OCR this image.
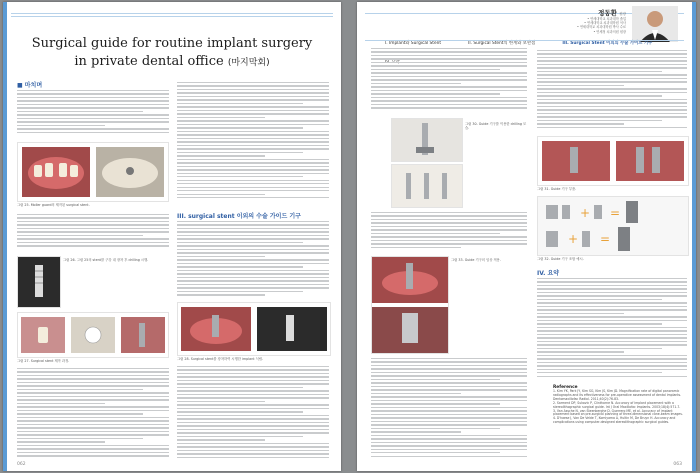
Surgical guide for routine implant surgery
in private dental office (마지막회)
■ 마치며
그림 25. Moller guard의 제작된 surgical stent.
그림 26. 그림 25의 stent를 구강 내 장착 후 drilling 시행.
그림 27. Surgical stent 제작 과정.
III. surgical stent 이외의 수술 가이드 기구
그림 28. Surgical stent를 장착하여 시행한 implant 식립.
062
정동환 원장
• 연세대학교 치과대학 졸업
• 연세대학교 치과대학원 석사
• 연세대학교 치과대학원 박사 수료
• 연세정 치과의원 원장
I. Implant와 Surgical Stent	II. Surgical Stent의 한계와 보완점	III. Surgical Stent 이외의 수술 가이드 기구
그림 30. Guide 기구를 이용한 drilling 모습.
그림 33. Guide 기구의 임상 적용.
그림 31. Guide 기구 부품.
+ =
+ =
그림 32. Guide 기구 조합 예시.
IV. 요약
Reference
1. Kim YK, Park JY, Kim SG, Kim JS, Kim JD. Magnification rate of digital panoramic radiographs and its effectiveness for pre-operative assessment of dental implants. Dentomaxillofac Radiol. 2011;40(2):76-83.
2. Sarment DP, Sukovic P, Clinthorne N. Accuracy of implant placement with a stereolithographic surgical guide. Int J Oral Maxillofac Implants. 2003;18(4):571-7.
3. Van Assche N, van Steenberghe D, Guerrero ME, et al. Accuracy of implant placement based on pre-surgical planning of three-dimensional cone-beam images.
4. D'haese J, Van De Velde T, Komiyama A, Hultin M, De Bruyn H. Accuracy and complications using computer-designed stereolithographic surgical guides.
063
